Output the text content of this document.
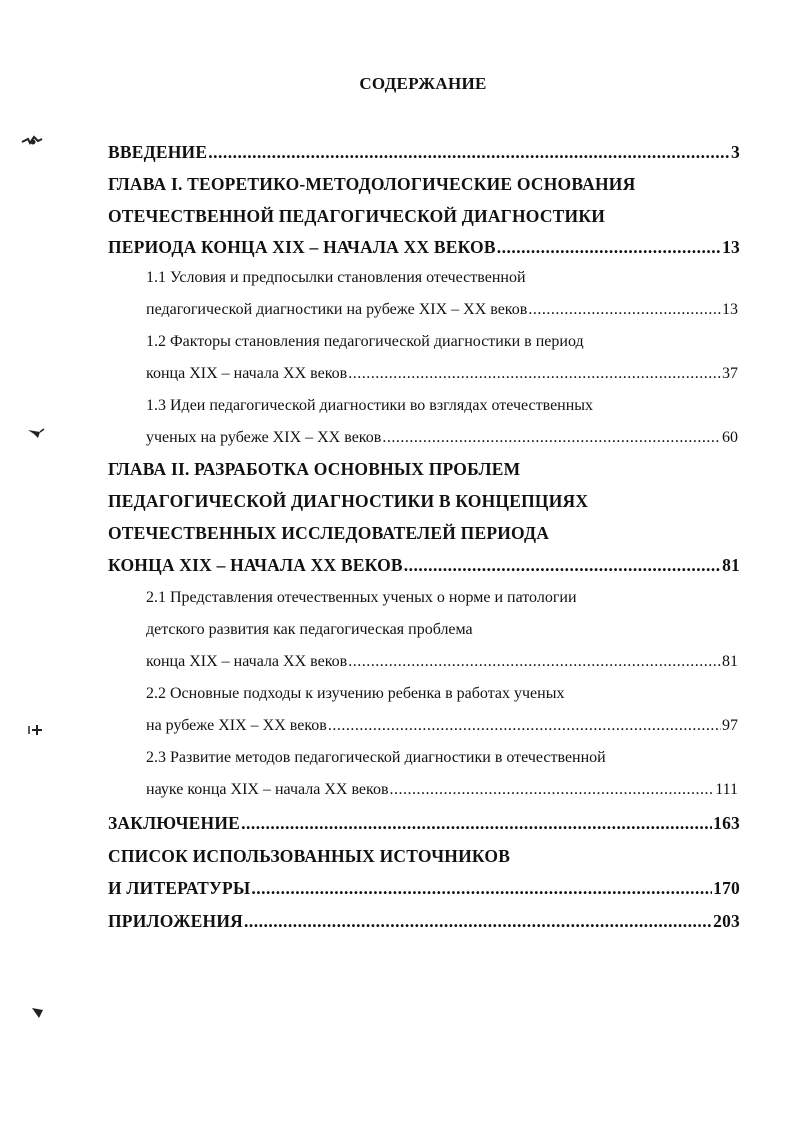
СОДЕРЖАНИЕ
ВВЕДЕНИЕ .....	3
ГЛАВА I. ТЕОРЕТИКО-МЕТОДОЛОГИЧЕСКИЕ ОСНОВАНИЯ
ОТЕЧЕСТВЕННОЙ ПЕДАГОГИЧЕСКОЙ ДИАГНОСТИКИ
ПЕРИОДА КОНЦА XIX – НАЧАЛА XX ВЕКОВ .....	13
1.1 Условия и предпосылки становления отечественной
педагогической диагностики на рубеже XIX – XX веков .....	13
1.2 Факторы становления педагогической диагностики в период
конца XIX – начала XX веков .....	37
1.3 Идеи педагогической диагностики во взглядах отечественных
ученых на рубеже XIX – XX веков .....	60
ГЛАВА II. РАЗРАБОТКА ОСНОВНЫХ ПРОБЛЕМ
ПЕДАГОГИЧЕСКОЙ ДИАГНОСТИКИ В КОНЦЕПЦИЯХ
ОТЕЧЕСТВЕННЫХ ИССЛЕДОВАТЕЛЕЙ ПЕРИОДА
КОНЦА XIX – НАЧАЛА XX ВЕКОВ .....	81
2.1 Представления отечественных ученых о норме и патологии
детского развития как педагогическая проблема
конца XIX – начала XX веков .....	81
2.2 Основные подходы к изучению ребенка в работах ученых
на рубеже XIX – XX веков .....	97
2.3 Развитие методов педагогической диагностики в отечественной
науке конца XIX – начала XX веков .....	111
ЗАКЛЮЧЕНИЕ .....	163
СПИСОК ИСПОЛЬЗОВАННЫХ ИСТОЧНИКОВ
И ЛИТЕРАТУРЫ .....	170
ПРИЛОЖЕНИЯ .....	203
